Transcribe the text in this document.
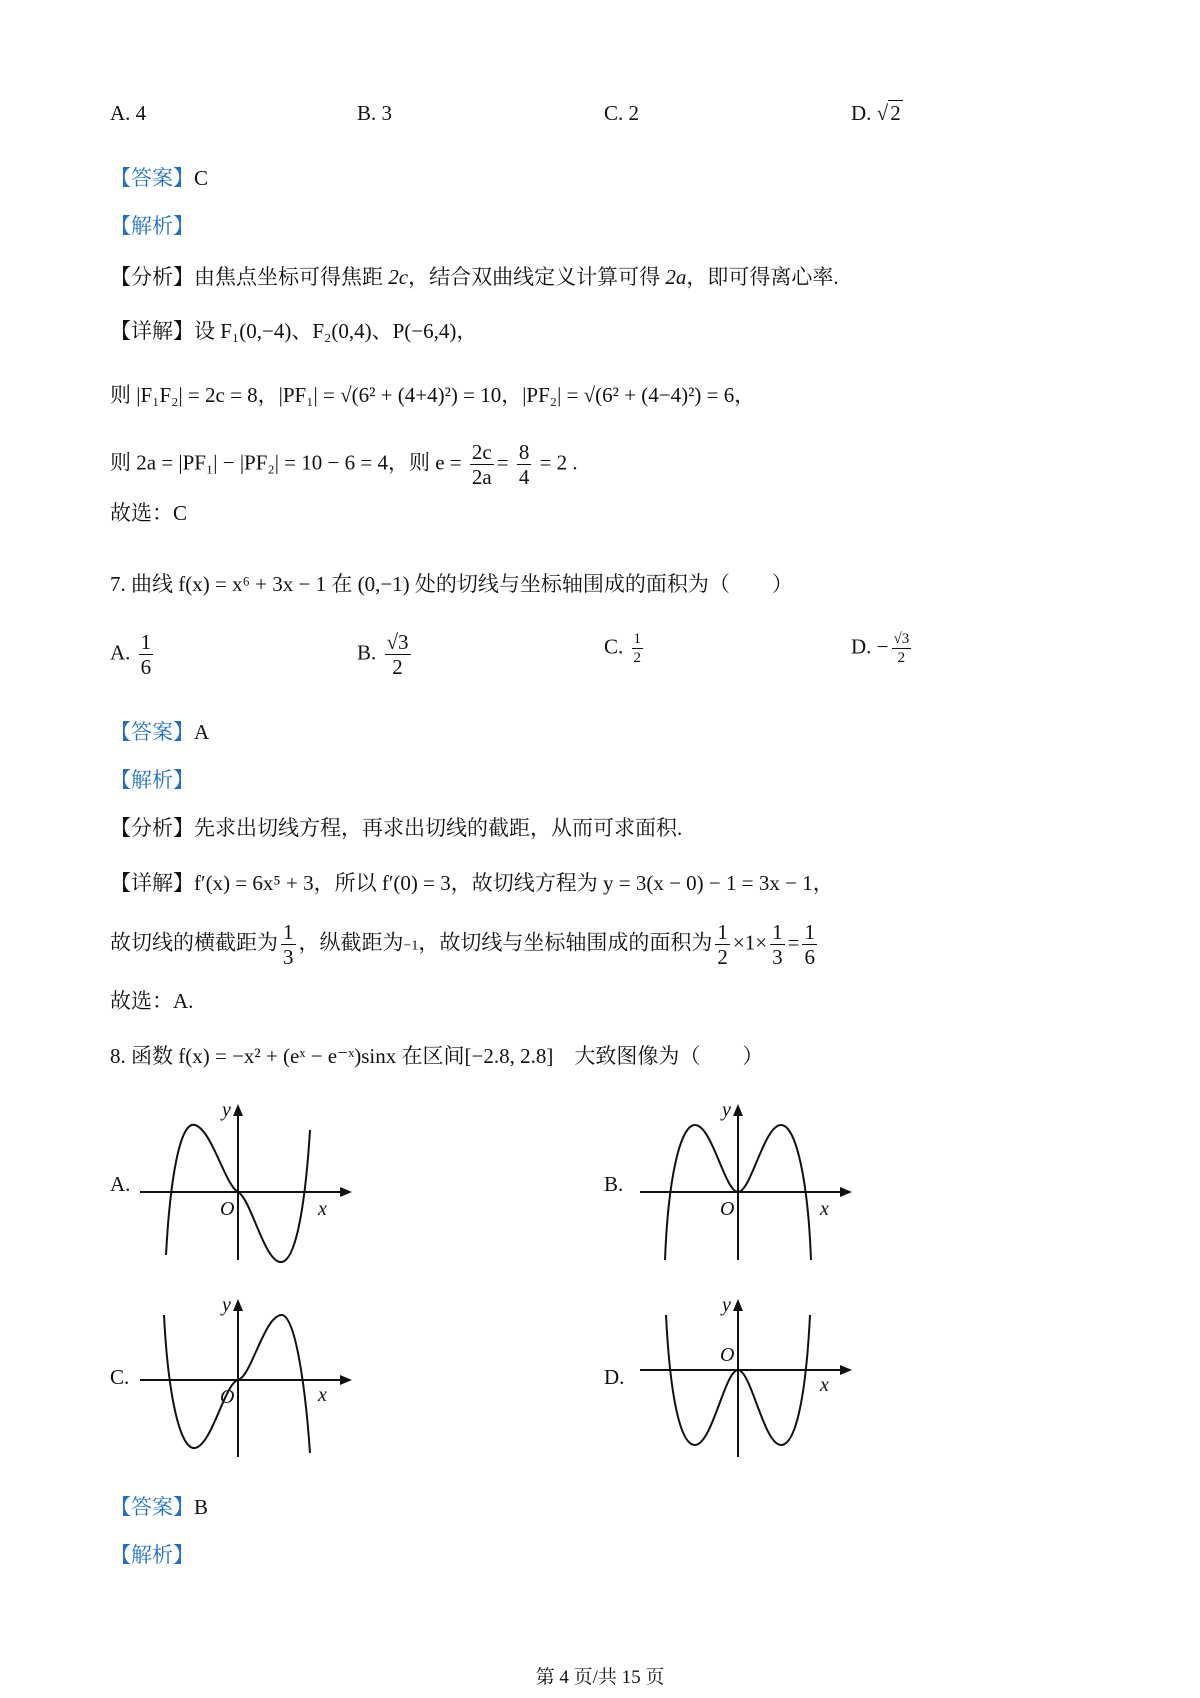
A. 4	B. 3	C. 2	D. √2
【答案】C
【解析】
【分析】由焦点坐标可得焦距 2c，结合双曲线定义计算可得 2a，即可得离心率.
【详解】设 F₁(0,−4)、F₂(0,4)、P(−6,4)，
则 |F₁F₂| = 2c = 8，|PF₁| = √(6² + (4+4)²) = 10，|PF₂| = √(6² + (4−4)²) = 6，
则 2a = |PF₁| − |PF₂| = 10 − 6 = 4，则 $e = \frac{2c}{2a} = \frac{8}{4} = 2$ .
故选：C
7. 曲线 f(x) = x⁶ + 3x − 1 在 (0,−1) 处的切线与坐标轴围成的面积为（　　）
A. $\frac{1}{6}$	B. $\frac{√3}{2}$	C. $\frac{1}{2}$	D. − $\frac{√3}{2}$
【答案】A
【解析】
【分析】先求出切线方程，再求出切线的截距，从而可求面积.
【详解】f′(x) = 6x⁵ + 3，所以 f′(0) = 3，故切线方程为 y = 3(x − 0) − 1 = 3x − 1，
故切线的横截距为 $\frac{1}{3}$ ，纵截距为−1，故切线与坐标轴围成的面积为 $\frac{1}{2} \times 1\times \frac{1}{3} = \frac{1}{6}$
故选：A.
8. 函数 f(x) = −x² + (eˣ − e⁻ˣ)sinx 在区间[−2.8, 2.8]　大致图像为（　　）
A.
x
y
O
B.
x
y
O
C.
x
y
O
D.	x
y
O
【答案】B
【解析】
第 4 页/共 15 页
